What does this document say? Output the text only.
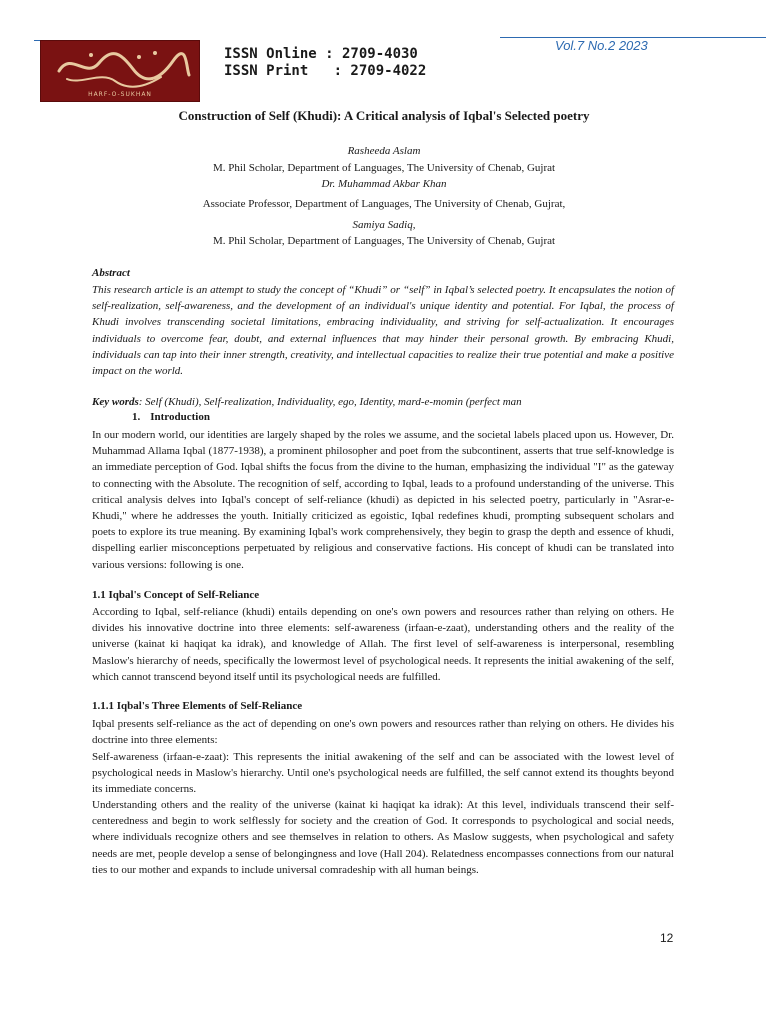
Vol.7 No.2 2023
HARF-O-SUKHAN
ISSN Online : 2709-4030
ISSN Print   : 2709-4022
Construction of Self (Khudi): A Critical analysis of Iqbal's Selected poetry
Rasheeda Aslam
M. Phil Scholar, Department of Languages, The University of Chenab, Gujrat
Dr. Muhammad Akbar Khan
Associate Professor, Department of Languages, The University of Chenab, Gujrat,
Samiya Sadiq,
M. Phil Scholar, Department of Languages, The University of Chenab, Gujrat
Abstract
This research article is an attempt to study the concept of “Khudi” or “self” in Iqbal’s selected poetry. It encapsulates the notion of self-realization, self-awareness, and the development of an individual's unique identity and potential. For Iqbal, the process of Khudi involves transcending societal limitations, embracing individuality, and striving for self-actualization. It encourages individuals to overcome fear, doubt, and external influences that may hinder their personal growth. By embracing Khudi, individuals can tap into their inner strength, creativity, and intellectual capacities to realize their true potential and make a positive impact on the world.
Key words: Self (Khudi), Self-realization, Individuality, ego, Identity, mard-e-momin (perfect man
1. Introduction
In our modern world, our identities are largely shaped by the roles we assume, and the societal labels placed upon us. However, Dr. Muhammad Allama Iqbal (1877-1938), a prominent philosopher and poet from the subcontinent, asserts that true self-knowledge is an immediate perception of God. Iqbal shifts the focus from the divine to the human, emphasizing the individual "I" as the gateway to connecting with the Absolute. The recognition of self, according to Iqbal, leads to a profound understanding of the universe. This critical analysis delves into Iqbal's concept of self-reliance (khudi) as depicted in his selected poetry, particularly in "Asrar-e-Khudi," where he addresses the youth. Initially criticized as egoistic, Iqbal redefines khudi, prompting subsequent scholars and poets to explore its true meaning. By examining Iqbal's work comprehensively, they begin to grasp the depth and essence of khudi, dispelling earlier misconceptions perpetuated by religious and conservative factions. His concept of khudi can be translated into various versions: following is one.
1.1 Iqbal's Concept of Self-Reliance
According to Iqbal, self-reliance (khudi) entails depending on one's own powers and resources rather than relying on others. He divides his innovative doctrine into three elements: self-awareness (irfaan-e-zaat), understanding others and the reality of the universe (kainat ki haqiqat ka idrak), and knowledge of Allah. The first level of self-awareness is interpersonal, resembling Maslow's hierarchy of needs, specifically the lowermost level of psychological needs. It represents the initial awakening of the self, which cannot transcend beyond itself until its psychological needs are fulfilled.
1.1.1 Iqbal's Three Elements of Self-Reliance
Iqbal presents self-reliance as the act of depending on one's own powers and resources rather than relying on others. He divides his doctrine into three elements:
Self-awareness (irfaan-e-zaat): This represents the initial awakening of the self and can be associated with the lowest level of psychological needs in Maslow's hierarchy. Until one's psychological needs are fulfilled, the self cannot extend its thoughts beyond its immediate concerns.
Understanding others and the reality of the universe (kainat ki haqiqat ka idrak): At this level, individuals transcend their self-centeredness and begin to work selflessly for society and the creation of God. It corresponds to psychological and social needs, where individuals recognize others and see themselves in relation to others. As Maslow suggests, when psychological and safety needs are met, people develop a sense of belongingness and love (Hall 204). Relatedness encompasses connections from our natural ties to our mother and expands to include universal comradeship with all human beings.
12
